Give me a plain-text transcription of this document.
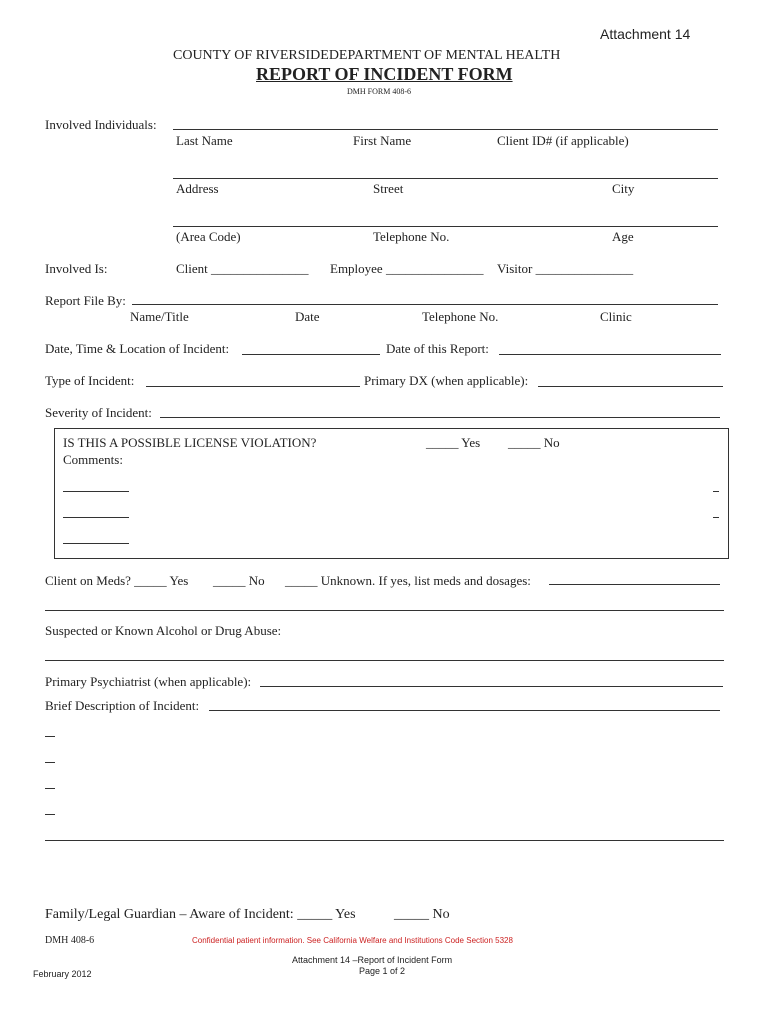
Attachment 14
COUNTY OF RIVERSIDEDEPARTMENT OF MENTAL HEALTH
REPORT OF INCIDENT FORM
DMH FORM 408-6
Involved Individuals:
Last Name	First Name	Client ID# (if applicable)
Address	Street	City
(Area Code)	Telephone No.	Age
Involved Is:	Client _______________ Employee _______________ Visitor _______________
Report File By:
Name/Title	Date	Telephone No.	Clinic
Date, Time & Location of Incident:	Date of this Report:
Type of Incident:	Primary DX (when applicable):
Severity of Incident:
IS THIS A POSSIBLE LICENSE VIOLATION?	_____ Yes _____ No
Comments:
Client on Meds? _____ Yes _____ No _____ Unknown. If yes, list meds and dosages:
Suspected or Known Alcohol or Drug Abuse:
Primary Psychiatrist (when applicable):
Brief Description of Incident:
Family/Legal Guardian – Aware of Incident: _____ Yes	_____ No
DMH 408-6	Confidential patient information. See California Welfare and Institutions Code Section 5328
Attachment 14 –Report of Incident Form
Page 1 of 2
February 2012
